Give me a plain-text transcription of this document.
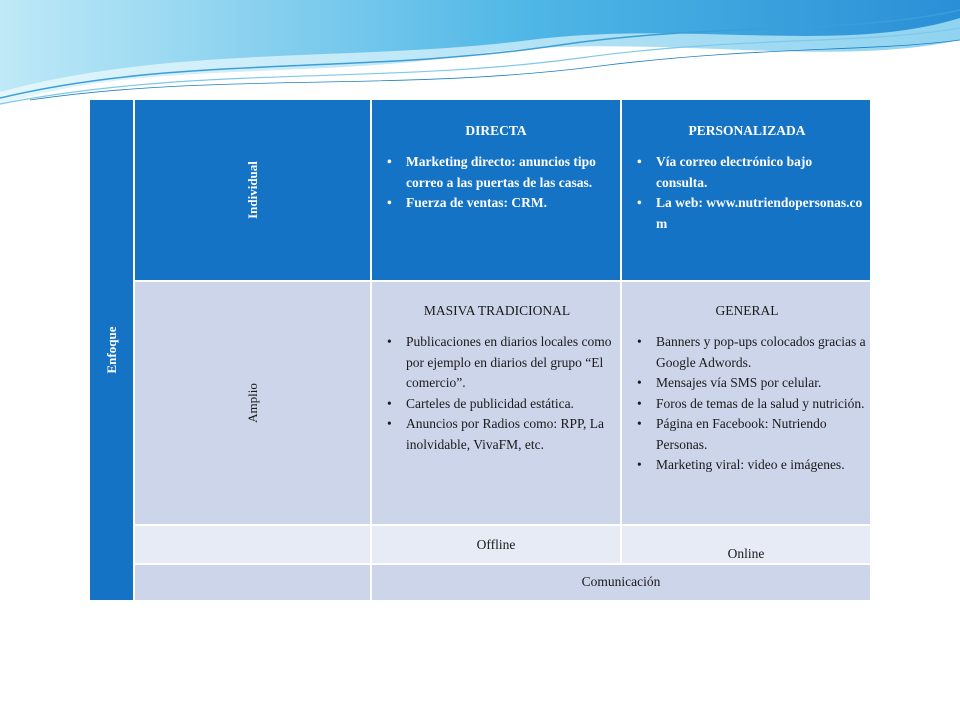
Enfoque
Individual
DIRECTA
• Marketing directo: anuncios tipo correo a las puertas de las casas.
• Fuerza de ventas: CRM.
PERSONALIZADA
• Vía correo electrónico bajo consulta.
• La web: www.nutriendopersonas.com
Amplio
MASIVA TRADICIONAL
• Publicaciones en diarios locales como por ejemplo en diarios del grupo “El comercio”.
• Carteles de publicidad estática.
• Anuncios por Radios como: RPP, La inolvidable, VivaFM, etc.
GENERAL
• Banners y pop-ups colocados gracias a Google Adwords.
• Mensajes vía SMS por celular.
• Foros de temas de la salud y nutrición.
• Página en Facebook: Nutriendo Personas.
• Marketing viral: video e imágenes.
Offline
Online
Comunicación
